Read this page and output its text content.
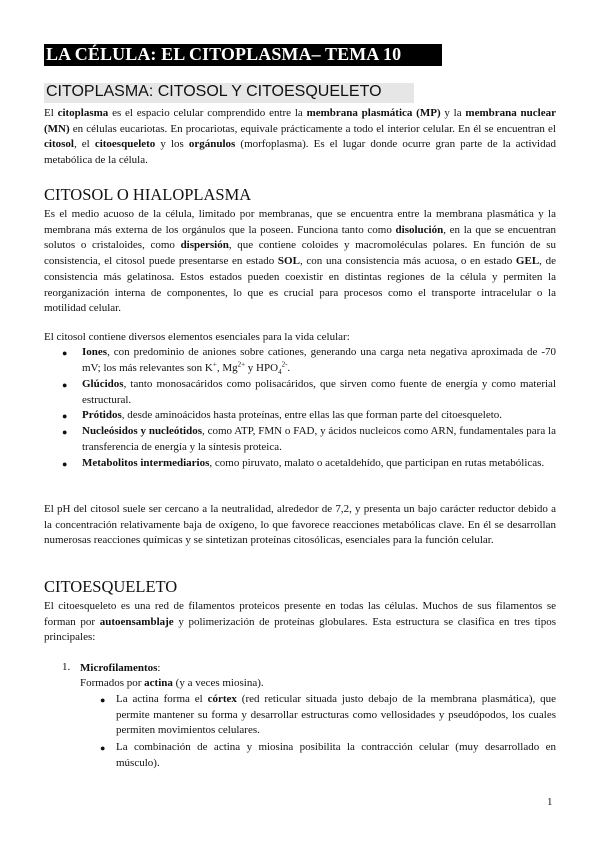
LA CÉLULA: EL CITOPLASMA– TEMA 10
CITOPLASMA: CITOSOL Y CITOESQUELETO
El citoplasma es el espacio celular comprendido entre la membrana plasmática (MP) y la membrana nuclear (MN) en células eucariotas. En procariotas, equivale prácticamente a todo el interior celular. En él se encuentran el citosol, el citoesqueleto y los orgánulos (morfoplasma). Es el lugar donde ocurre gran parte de la actividad metabólica de la célula.
CITOSOL O HIALOPLASMA
Es el medio acuoso de la célula, limitado por membranas, que se encuentra entre la membrana plasmática y la membrana más externa de los orgánulos que la poseen. Funciona tanto como disolución, en la que se encuentran solutos o cristaloides, como dispersión, que contiene coloides y macromoléculas polares. En función de su consistencia, el citosol puede presentarse en estado SOL, con una consistencia más acuosa, o en estado GEL, de consistencia más gelatinosa. Estos estados pueden coexistir en distintas regiones de la célula y permiten la reorganización interna de componentes, lo que es crucial para procesos como el transporte intracelular o la motilidad celular.
El citosol contiene diversos elementos esenciales para la vida celular:
● Iones, con predominio de aniones sobre cationes, generando una carga neta negativa aproximada de -70 mV; los más relevantes son K+, $Mg^{2+}$ y $HPO_4^{2-}$.
● Glúcidos, tanto monosacáridos como polisacáridos, que sirven como fuente de energía y como material estructural.
● Prótidos, desde aminoácidos hasta proteínas, entre ellas las que forman parte del citoesqueleto.
● Nucleósidos y nucleótidos, como ATP, FMN o FAD, y ácidos nucleicos como ARN, fundamentales para la transferencia de energía y la síntesis proteica.
● Metabolitos intermediarios, como piruvato, malato o acetaldehído, que participan en rutas metabólicas.
El pH del citosol suele ser cercano a la neutralidad, alrededor de 7,2, y presenta un bajo carácter reductor debido a la concentración relativamente baja de oxígeno, lo que favorece reacciones metabólicas clave. En él se desarrollan numerosas reacciones químicas y se sintetizan proteínas citosólicas, esenciales para la función celular.
CITOESQUELETO
El citoesqueleto es una red de filamentos proteicos presente en todas las células. Muchos de sus filamentos se forman por autoensamblaje y polimerización de proteínas globulares. Esta estructura se clasifica en tres tipos principales:
1. Microfilamentos:
Formados por actina (y a veces miosina).
● La actina forma el córtex (red reticular situada justo debajo de la membrana plasmática), que permite mantener su forma y desarrollar estructuras como vellosidades y pseudópodos, los cuales permiten movimientos celulares.
● La combinación de actina y miosina posibilita la contracción celular (muy desarrollado en músculo).
1
